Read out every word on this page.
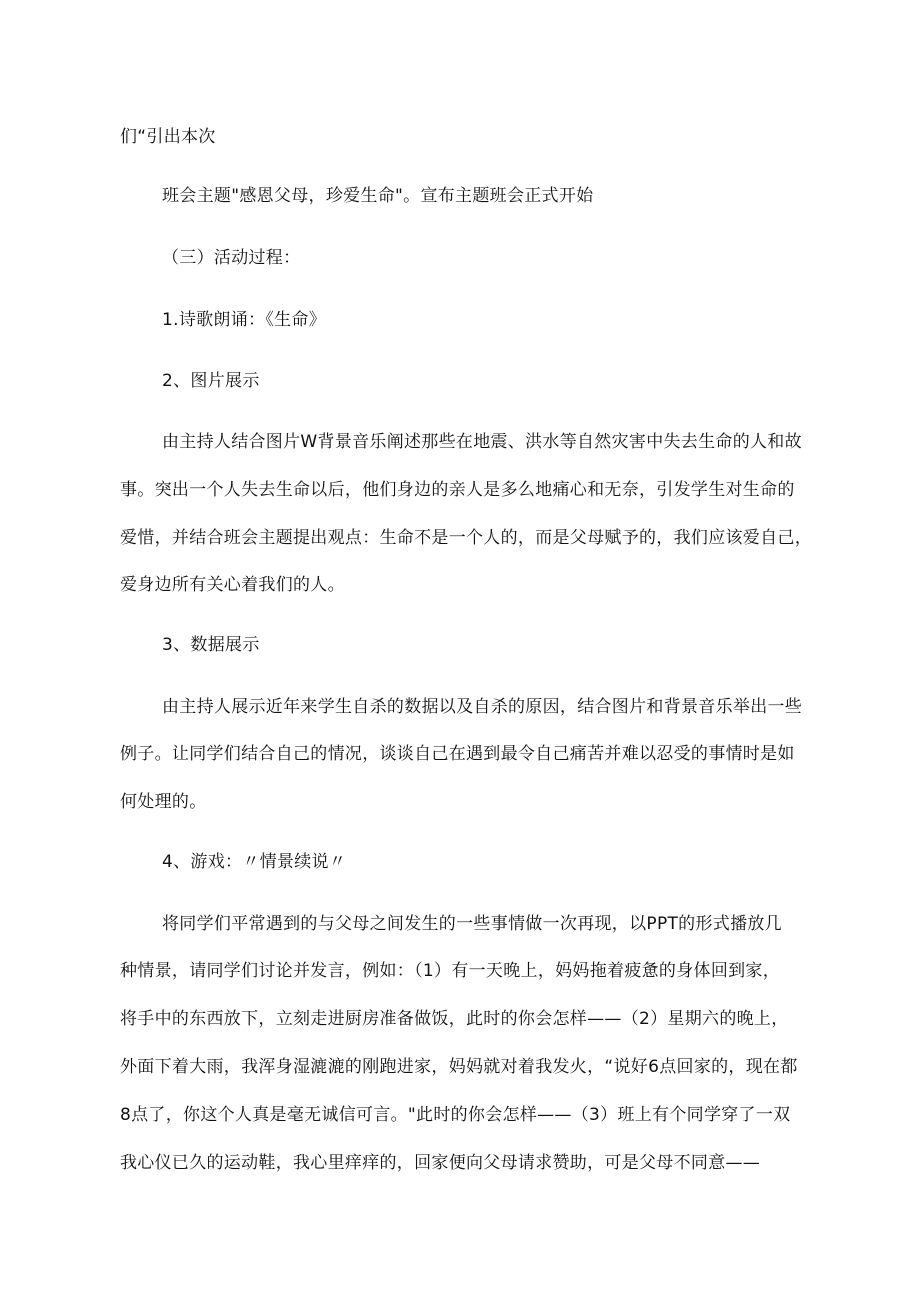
们“引出本次
班会主题"感恩父母，珍爱生命"。宣布主题班会正式开始
（三）活动过程：
1.诗歌朗诵：《生命》
2、图片展示
由主持人结合图片W背景音乐阐述那些在地震、洪水等自然灾害中失去生命的人和故
事。突出一个人失去生命以后，他们身边的亲人是多么地痛心和无奈，引发学生对生命的
爱惜，并结合班会主题提出观点：生命不是一个人的，而是父母赋予的，我们应该爱自己，
爱身边所有关心着我们的人。
3、数据展示
由主持人展示近年来学生自杀的数据以及自杀的原因，结合图片和背景音乐举出一些
例子。让同学们结合自己的情况，谈谈自己在遇到最令自己痛苦并难以忍受的事情时是如
何处理的。
4、游戏：〃情景续说〃
将同学们平常遇到的与父母之间发生的一些事情做一次再现，以PPT的形式播放几
种情景，请同学们讨论并发言，例如：（1）有一天晚上，妈妈拖着疲惫的身体回到家，
将手中的东西放下，立刻走进厨房准备做饭，此时的你会怎样——（2）星期六的晚上，
外面下着大雨，我浑身湿漉漉的刚跑进家，妈妈就对着我发火，“说好6点回家的，现在都
8点了，你这个人真是毫无诚信可言。"此时的你会怎样——（3）班上有个同学穿了一双
我心仪已久的运动鞋，我心里痒痒的，回家便向父母请求赞助，可是父母不同意——
